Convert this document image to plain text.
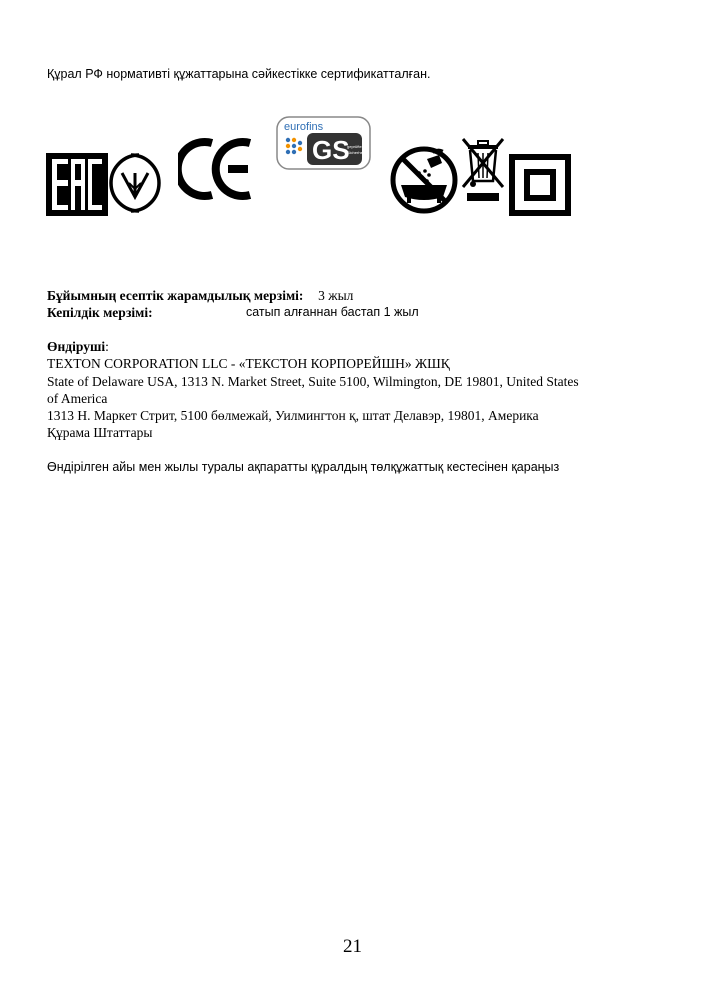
Құрал РФ нормативті құжаттарына сәйкестікке сертификатталған.
eurofins
GS
geprüfte
Sicherheit
Бұйымның есептік жарамдылық мерзімі: 3 жыл
Кепілдік мерзімі:	сатып алғаннан бастап 1 жыл
Өндіруші:
TEXTON CORPORATION LLC - «ТЕКСТОН КОРПОРЕЙШН» ЖШҚ
State of Delaware USA, 1313 N. Market Street, Suite 5100, Wilmington, DE 19801, United States
of America
1313 Н. Маркет Стрит, 5100 бөлмежай, Уилмингтон қ, штат Делавэр, 19801, Америка
Құрама Штаттары
Өндірілген айы мен жылы туралы ақпаратты құралдың төлқұжаттық кестесінен қараңыз
21
